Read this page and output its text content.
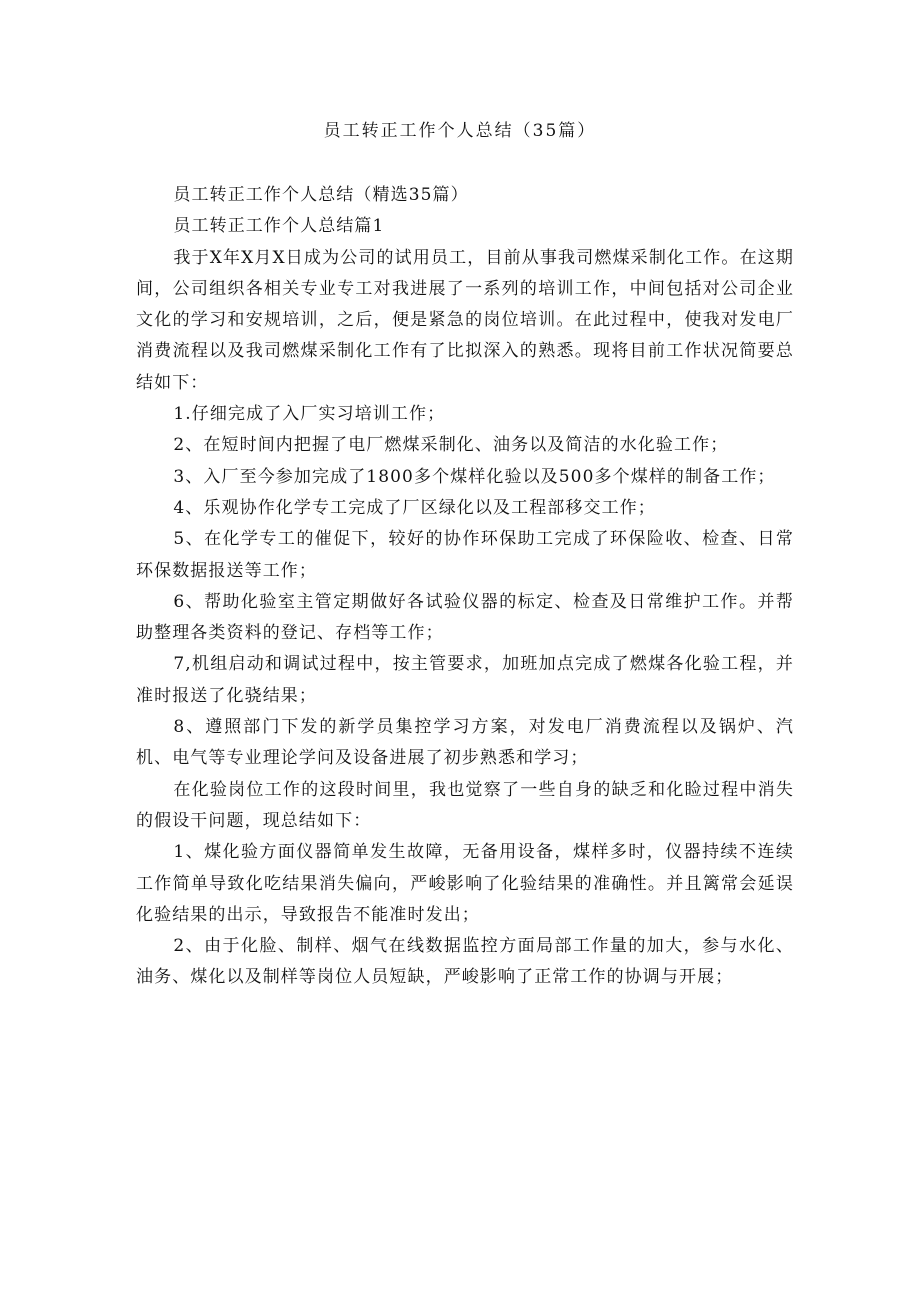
员工转正工作个人总结（35篇）

员工转正工作个人总结（精选35篇）

员工转正工作个人总结篇1

我于X年X月X日成为公司的试用员工，目前从事我司燃煤采制化工作。在这期间，公司组织各相关专业专工对我进展了一系列的培训工作，中间包括对公司企业文化的学习和安规培训，之后，便是紧急的岗位培训。在此过程中，使我对发电厂消费流程以及我司燃煤采制化工作有了比拟深入的熟悉。现将目前工作状况简要总结如下：

1.仔细完成了入厂实习培训工作；

2、在短时间内把握了电厂燃煤采制化、油务以及简洁的水化验工作；

3、入厂至今参加完成了1800多个煤样化验以及500多个煤样的制备工作；

4、乐观协作化学专工完成了厂区绿化以及工程部移交工作；

5、在化学专工的催促下，较好的协作环保助工完成了环保险收、检查、日常环保数据报送等工作；

6、帮助化验室主管定期做好各试验仪器的标定、检查及日常维护工作。并帮助整理各类资料的登记、存档等工作；

7,机组启动和调试过程中，按主管要求，加班加点完成了燃煤各化验工程，并准时报送了化骁结果；

8、遵照部门下发的新学员集控学习方案，对发电厂消费流程以及锅炉、汽机、电气等专业理论学问及设备进展了初步熟悉和学习；

在化验岗位工作的这段时间里，我也觉察了一些自身的缺乏和化睑过程中消失的假设干问题，现总结如下：

1、煤化验方面仪器简单发生故障，无备用设备，煤样多时，仪器持续不连续工作简单导致化吃结果消失偏向，严峻影响了化验结果的准确性。并且篱常会延误化验结果的出示，导致报告不能准时发出；

2、由于化脸、制样、烟气在线数据监控方面局部工作量的加大，参与水化、油务、煤化以及制样等岗位人员短缺，严峻影响了正常工作的协调与开展；
